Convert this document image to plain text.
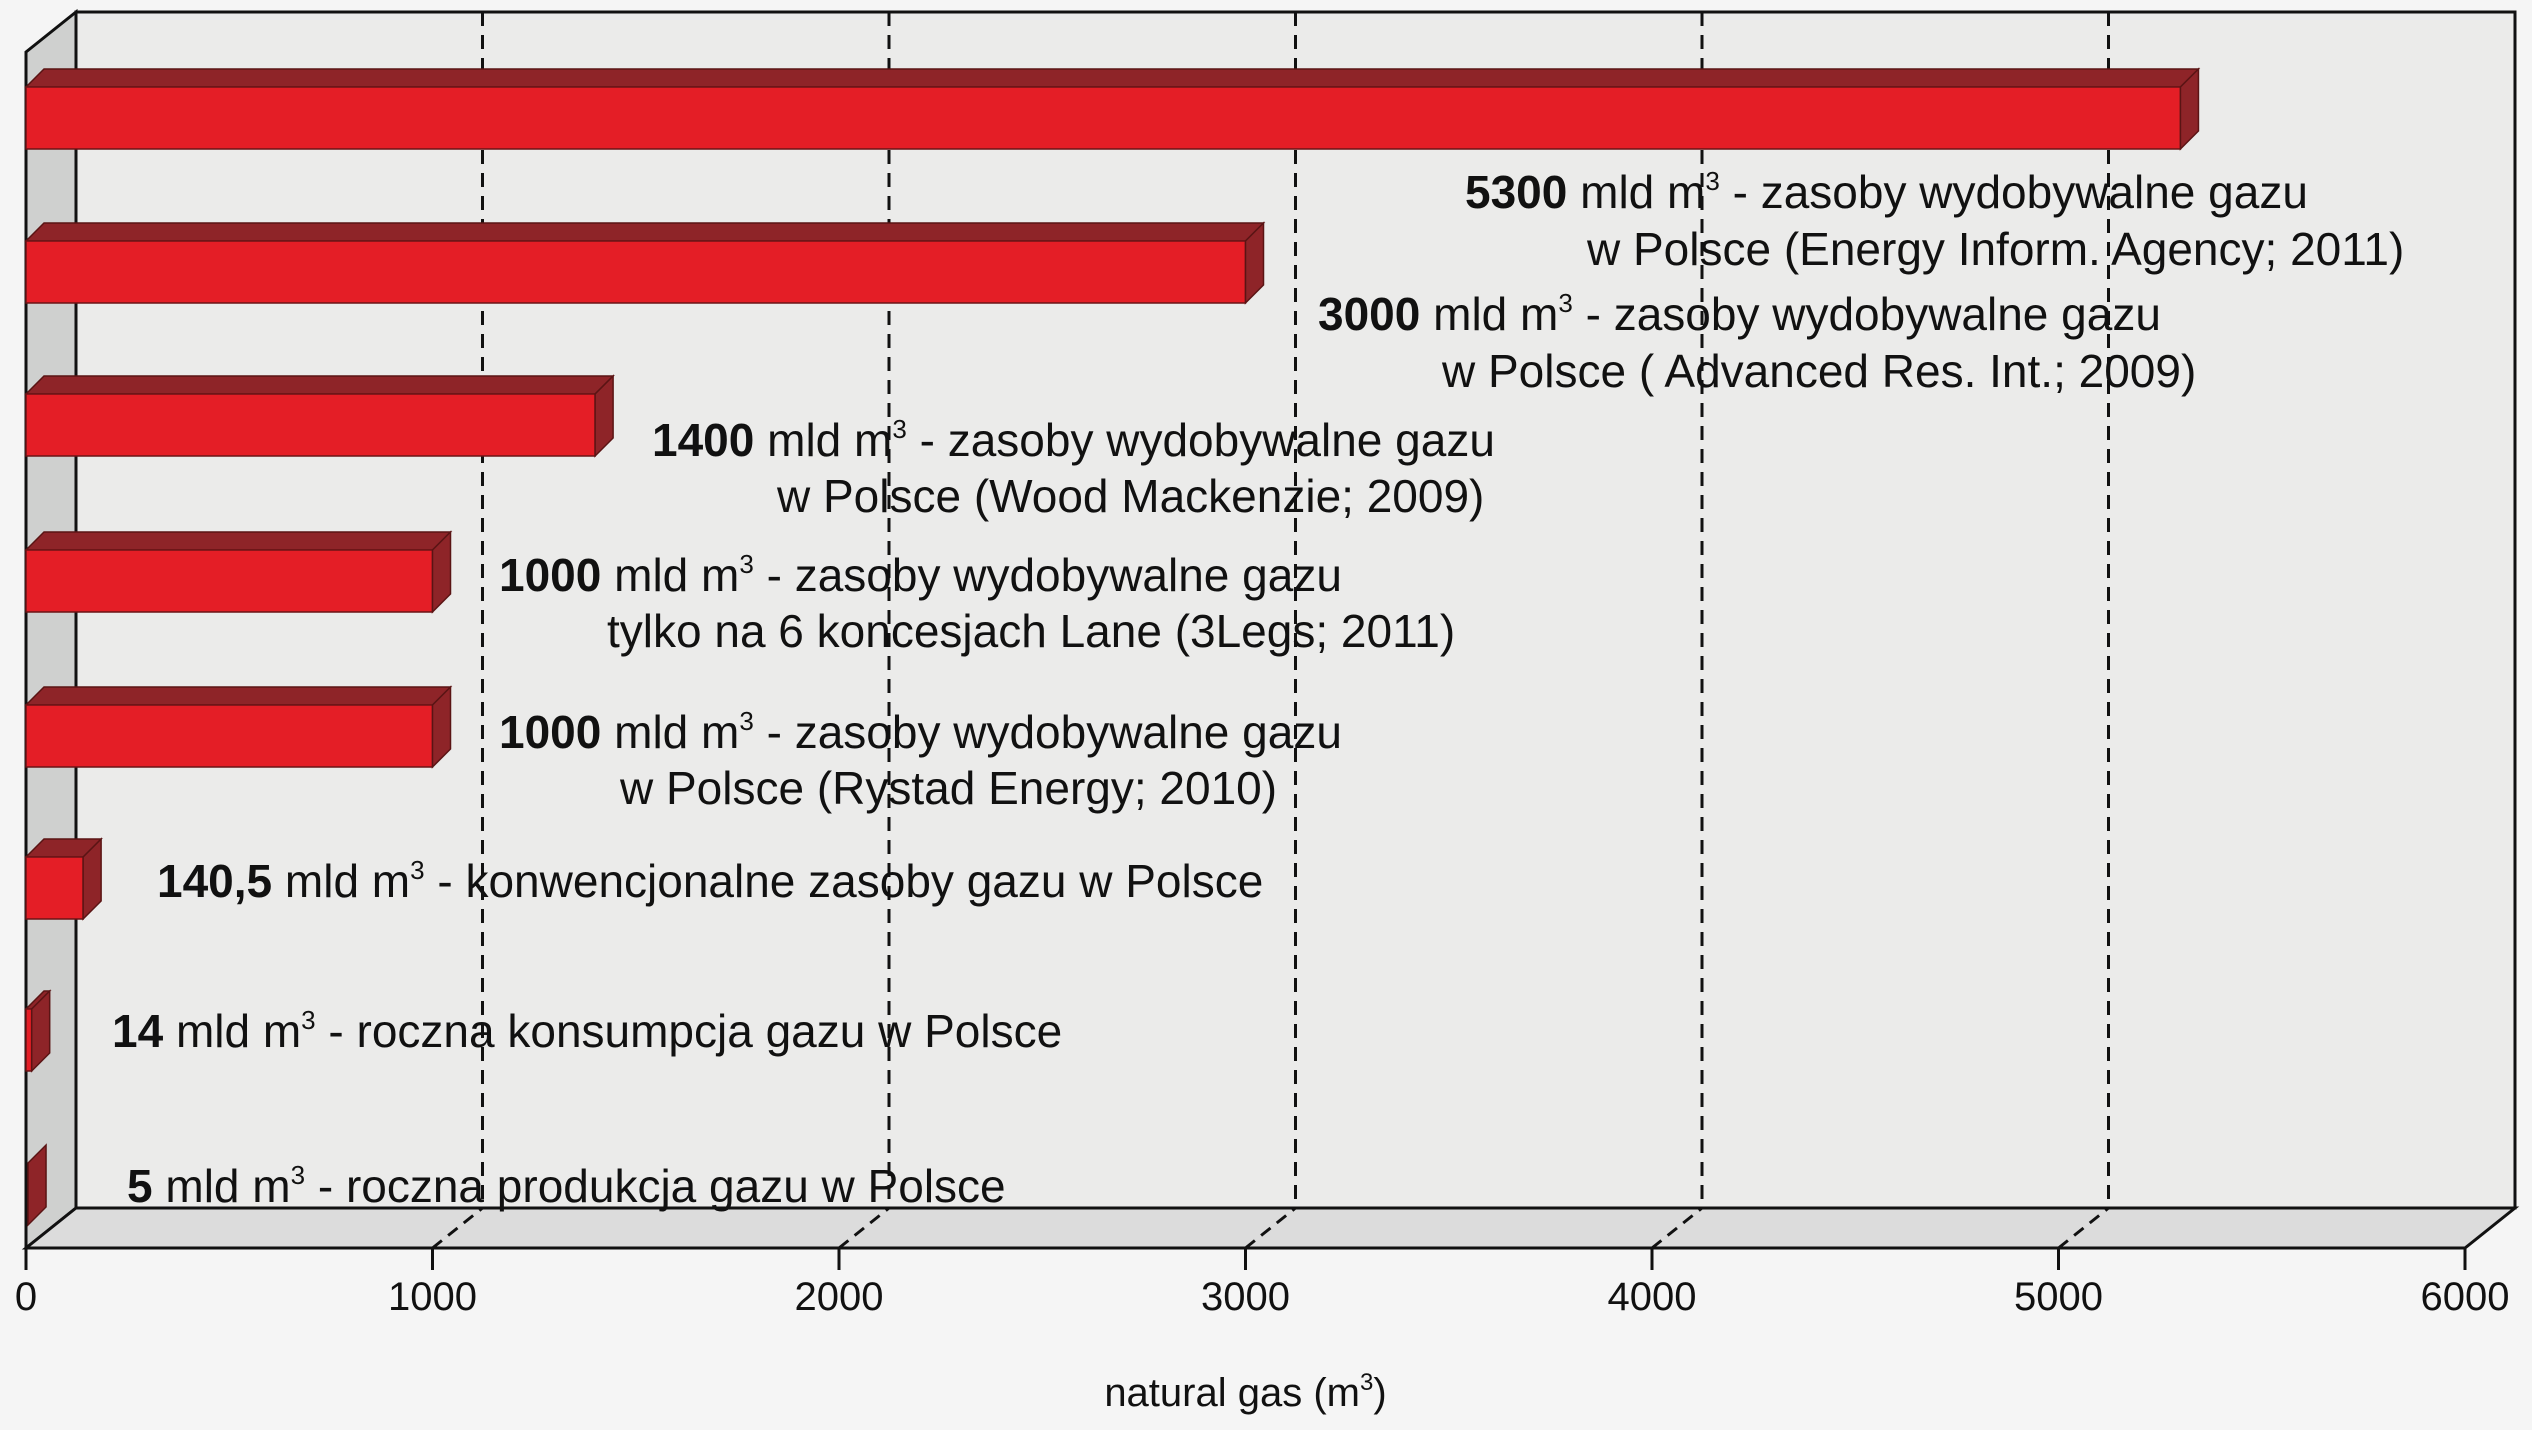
5300 mld $m^3$ - zasoby wydobywalne gazu
w Polsce (Energy Inform. Agency; 2011)
3000 mld $m^3$ - zasoby wydobywalne gazu
w Polsce ( Advanced Res. Int.; 2009)
1400 mld $m^3$ - zasoby wydobywalne gazu
w Polsce (Wood Mackenzie; 2009)
1000 mld $m^3$ - zasoby wydobywalne gazu
tylko na 6 koncesjach Lane (3Legs; 2011)
1000 mld $m^3$ - zasoby wydobywalne gazu
w Polsce (Rystad Energy; 2010)
140,5 mld $m^3$ - konwencjonalne zasoby gazu w Polsce
14 mld $m^3$ - roczna konsumpcja gazu w Polsce
5 mld $m^3$ - roczna produkcja gazu w Polsce
0	1000	2000	3000	4000	5000	6000
natural gas $(m^3)$
